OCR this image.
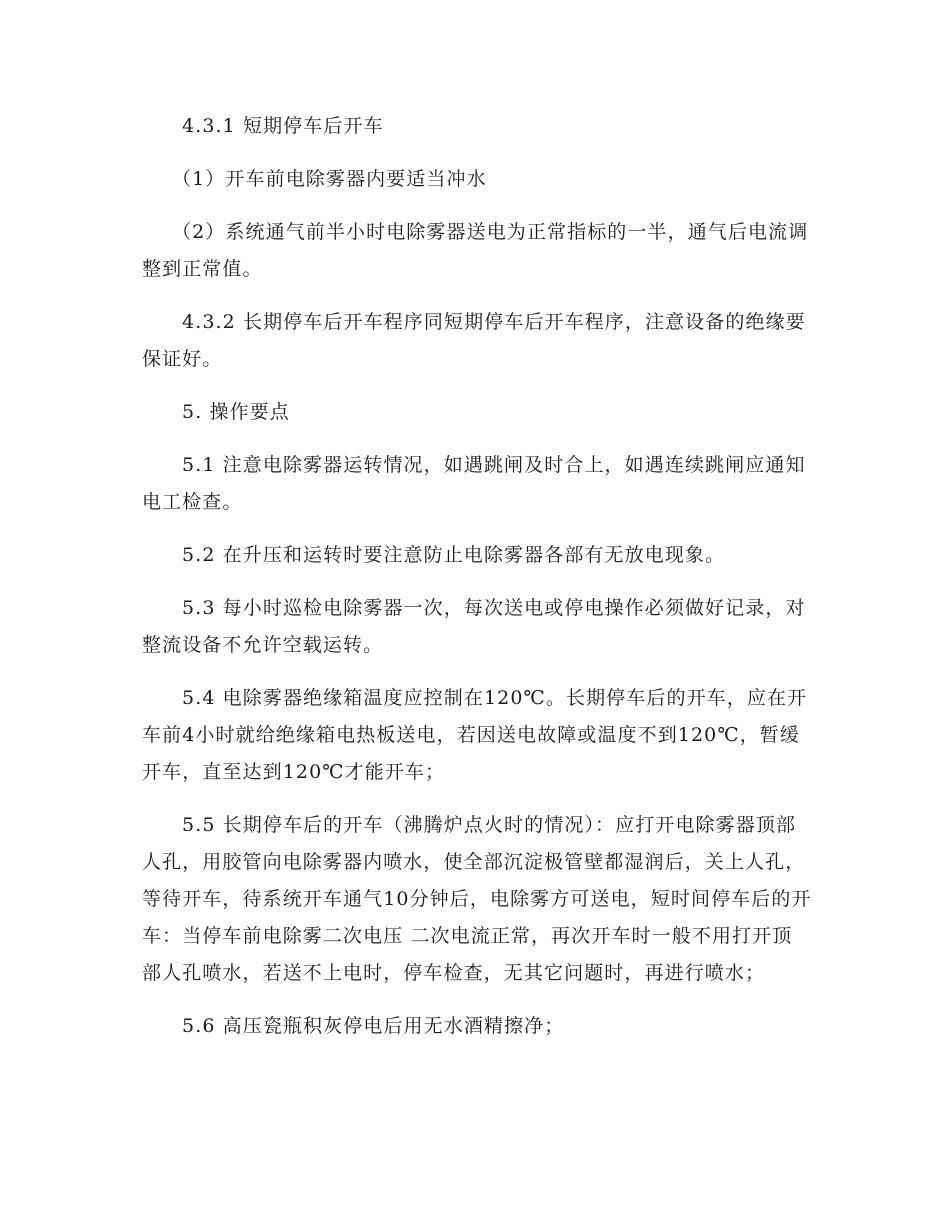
4.3.1 短期停车后开车

（1）开车前电除雾器内要适当冲水

（2）系统通气前半小时电除雾器送电为正常指标的一半，通气后电流调整到正常值。

4.3.2 长期停车后开车程序同短期停车后开车程序，注意设备的绝缘要保证好。

5. 操作要点

5.1 注意电除雾器运转情况，如遇跳闸及时合上，如遇连续跳闸应通知电工检查。

5.2 在升压和运转时要注意防止电除雾器各部有无放电现象。

5.3 每小时巡检电除雾器一次，每次送电或停电操作必须做好记录，对整流设备不允许空载运转。

5.4 电除雾器绝缘箱温度应控制在120℃。长期停车后的开车，应在开车前4小时就给绝缘箱电热板送电，若因送电故障或温度不到120℃，暂缓开车，直至达到120℃才能开车；

5.5 长期停车后的开车（沸腾炉点火时的情况）：应打开电除雾器顶部人孔，用胶管向电除雾器内喷水，使全部沉淀极管壁都湿润后，关上人孔，等待开车，待系统开车通气10分钟后，电除雾方可送电，短时间停车后的开车：当停车前电除雾二次电压 二次电流正常，再次开车时一般不用打开顶部人孔喷水，若送不上电时，停车检查，无其它问题时，再进行喷水；

5.6 高压瓷瓶积灰停电后用无水酒精擦净；
